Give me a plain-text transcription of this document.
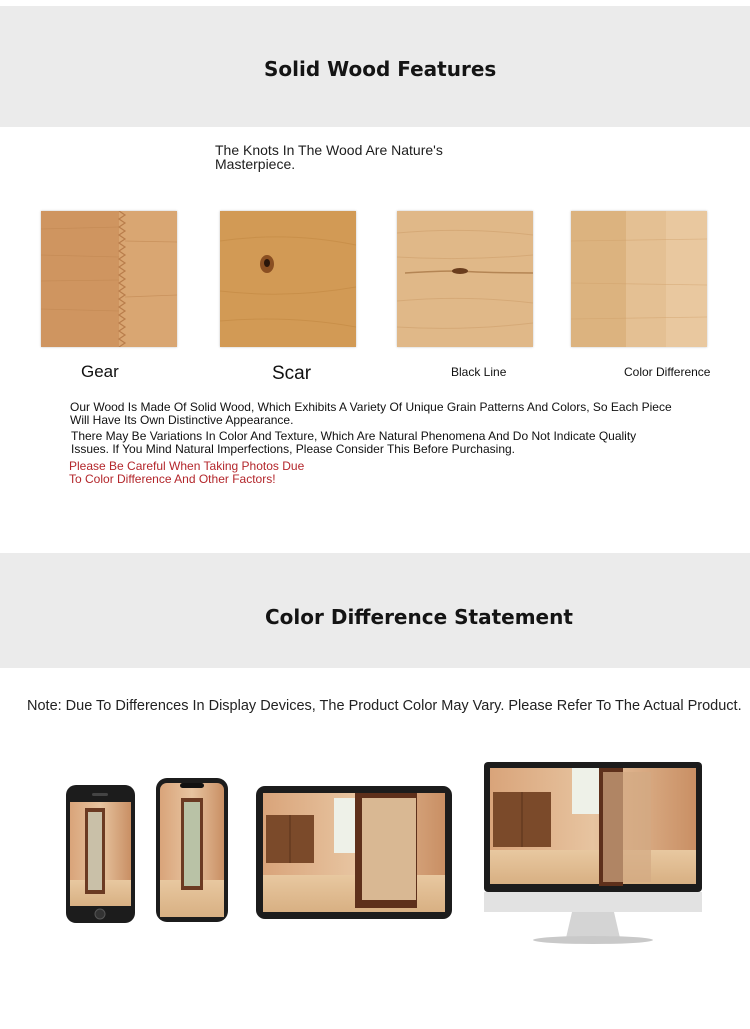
Solid Wood Features
The Knots In The Wood Are Nature's
Masterpiece.
Gear	Scar	Black Line	Color Difference
Our Wood Is Made Of Solid Wood, Which Exhibits A Variety Of Unique Grain Patterns And Colors, So Each Piece
Will Have Its Own Distinctive Appearance.
There May Be Variations In Color And Texture, Which Are Natural Phenomena And Do Not Indicate Quality
Issues. If You Mind Natural Imperfections, Please Consider This Before Purchasing.
Please Be Careful When Taking Photos Due
To Color Difference And Other Factors!
Color Difference Statement
Note: Due To Differences In Display Devices, The Product Color May Vary. Please Refer To The Actual Product.
